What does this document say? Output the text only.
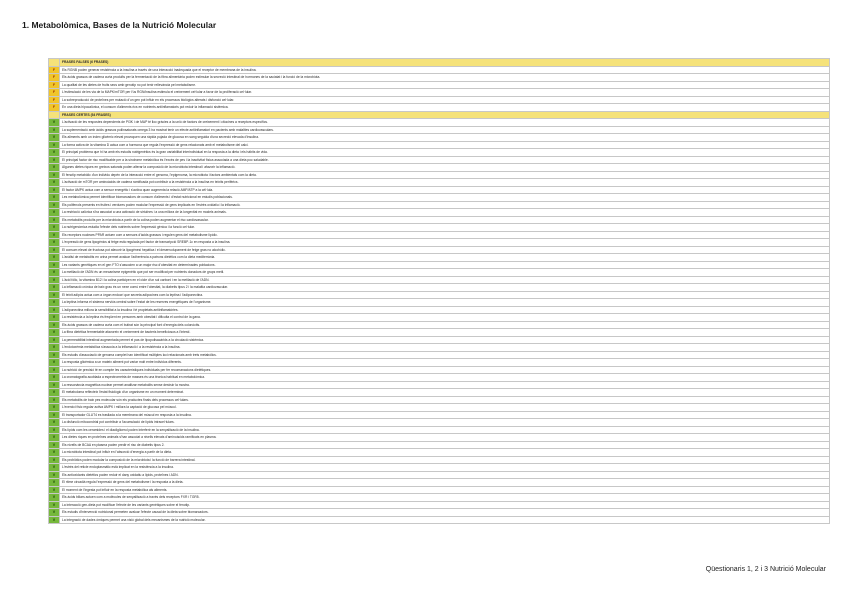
1. Metabolòmica, Bases de la Nutrició Molecular
	FRASES FALSES (6 FRASES)
F	Els RGNB poden generar resistència a la insulina a través de una interacció inadequada que el receptor de membrana de la insulina.
F	Els àcids grassos de cadena curta produïts per la fermentació de la fibra alimentària poden estimular la secreció intestinal de hormones de la saciatat i la funció de la microbiota.
F	La qualitat de les dietes de fruits secs amb genotip no pot tenir rellevància pel metabolisme.
F	L'estimulació de les via de la MAPK/mTOR per l'ús RGN/insulina estimula el creixement cel·lular a favor de la proliferació cel·lular.
F	La sobreproducció de proteïnes per mutació d'un gen pot influir en els processos biològics alterats i disfunció cel·lular.
F	En una dieta hipocalòrica, el consum d'aliments rics en nutrients antiinflamatoris pot reduir la inflamació sistèmica.
	FRASES CERTES (54 FRASES)
V	L'activació de les respostes dependents de PI3K i de MAP té lloc gràcies a la unió de factors de creixement i citocines a receptors específics.
V	La suplementació amb àcids grassos poliinsaturats omega 3 ha mostrat tenir un efecte antiinflamatori en pacients amb malalties cardiovasculars.
V	Els aliments amb un índex glicèmic elevat provoquen una ràpida pujada de glucosa en sang seguida d'una secreció elevada d'insulina.
V	La forma activa de la vitamina D actua com a hormona que regula l'expressió de gens relacionats amb el metabolisme del calci.
V	El principal problema que hi ha amb els estudis nutrigenètics és la gran variabilitat interindividual en la resposta a la dieta i els hàbits de vida.
V	El principal factor de risc modificable per a la síndrome metabòlica és l'excés de pes i la inactivitat física associada a una dieta poc saludable.
V	Algunes dietes riques en greixos saturats poden alterar la composició de la microbiota intestinal i afavorir la inflamació.
V	El fenotip metabòlic d'un individu depèn de la interacció entre el genoma, l'epigenoma, la microbiota i factors ambientals com la dieta.
V	L'activació de mTOR per aminoàcids de cadena ramificada pot contribuir a la resistència a la insulina en teixits perifèrics.
V	El factor AMPK actua com a sensor energètic i s'activa quan augmenta la relació AMP/ATP a la cèl·lula.
V	Les metabolòmica permet identificar biomarcadors de consum d'aliments i d'estat nutricional en estudis poblacionals.
V	Els polifenols presents en fruites i verdures poden modular l'expressió de gens implicats en l'estrès oxidatiu i la inflamació.
V	La restricció calòrica s'ha associat a una activació de sirtuïnes i a una millora de la longevitat en models animals.
V	Els metabolits produïts per la microbiota a partir de la colina poden augmentar el risc cardiovascular.
V	La nutrigenòmica estudia l'efecte dels nutrients sobre l'expressió gènica i la funció cel·lular.
V	Els receptors nuclears PPAR actuen com a sensors d'àcids grassos i regulen gens del metabolisme lipídic.
V	L'expressió de gens lipogènics al fetge està regulada pel factor de transcripció SREBP-1c en resposta a la insulina.
V	El consum elevat de fructosa pot afavorir la lipogènesi hepàtica i el desenvolupament de fetge gras no alcohòlic.
V	L'anàlisi de metabolits en orina permet avaluar l'adherència a patrons dietètics com la dieta mediterrània.
V	Les variants genètiques en el gen FTO s'associen a un major risc d'obesitat en determinades poblacions.
V	La metilació de l'ADN és un mecanisme epigenètic que pot ser modificat per nutrients donadors de grups metil.
V	L'àcid fòlic, la vitamina B12 i la colina participen en el cicle d'un sol carboni i en la metilació de l'ADN.
V	La inflamació crònica de baix grau és un nexe comú entre l'obesitat, la diabetis tipus 2 i la malaltia cardiovascular.
V	El teixit adipós actua com a òrgan endocrí que secreta adipocines com la leptina i l'adiponectina.
V	La leptina informa el sistema nerviós central sobre l'estat de les reserves energètiques de l'organisme.
V	L'adiponectina millora la sensibilitat a la insulina i té propietats antiinflamatòries.
V	La resistència a la leptina és freqüent en persones amb obesitat i dificulta el control de la gana.
V	Els àcids grassos de cadena curta com el butirat són la principal font d'energia dels colonòcits.
V	La fibra dietètica fermentable afavoreix el creixement de bacteris beneficiosos a l'intestí.
V	La permeabilitat intestinal augmentada permet el pas de lipopolisacàrids a la circulació sistèmica.
V	L'endotoxèmia metabòlica s'associa a la inflamació i a la resistència a la insulina.
V	Els estudis d'associació de genoma complet han identificat múltiples loci relacionats amb trets metabòlics.
V	La resposta glicèmica a un mateix aliment pot variar molt entre individus diferents.
V	La nutrició de precisió té en compte les característiques individuals per fer recomanacions dietètiques.
V	La cromatografia acoblada a espectrometria de masses és una tècnica habitual en metabolòmica.
V	La ressonància magnètica nuclear permet analitzar metabolits sense destruir la mostra.
V	El metaboloma reflecteix l'estat fisiològic d'un organisme en un moment determinat.
V	Els metabolits de baix pes molecular són els productes finals dels processos cel·lulars.
V	L'exercici físic regular activa AMPK i millora la captació de glucosa pel múscul.
V	El transportador GLUT4 es trasllada a la membrana del múscul en resposta a la insulina.
V	La disfunció mitocondrial pot contribuir a l'acumulació de lípids intracel·lulars.
V	Els lípids com les ceramides i el diacilglicerol poden interferir en la senyalització de la insulina.
V	Les dietes riques en proteïnes animals s'han associat a nivells elevats d'aminoàcids ramificats en plasma.
V	Els nivells de BCAA en plasma poden predir el risc de diabetis tipus 2.
V	La microbiota intestinal pot influir en l'absorció d'energia a partir de la dieta.
V	Els probiòtics poden modular la composició de la microbiota i la funció de barrera intestinal.
V	L'estrès del reticle endoplasmàtic està implicat en la resistència a la insulina.
V	Els antioxidants dietètics poden reduir el dany oxidatiu a lípids, proteïnes i ADN.
V	El ritme circadià regula l'expressió de gens del metabolisme i la resposta a la dieta.
V	El moment de l'ingesta pot influir en la resposta metabòlica als aliments.
V	Els àcids biliars actuen com a molècules de senyalització a través dels receptors FXR i TGR5.
V	La interacció gen-dieta pot modificar l'efecte de les variants genètiques sobre el fenotip.
V	Els estudis d'intervenció nutricional permeten avaluar l'efecte causal de la dieta sobre biomarcadors.
V	La integració de dades òmiques permet una visió global dels mecanismes de la nutrició molecular.
Qüestionaris 1, 2 i 3 Nutrició Molecular
